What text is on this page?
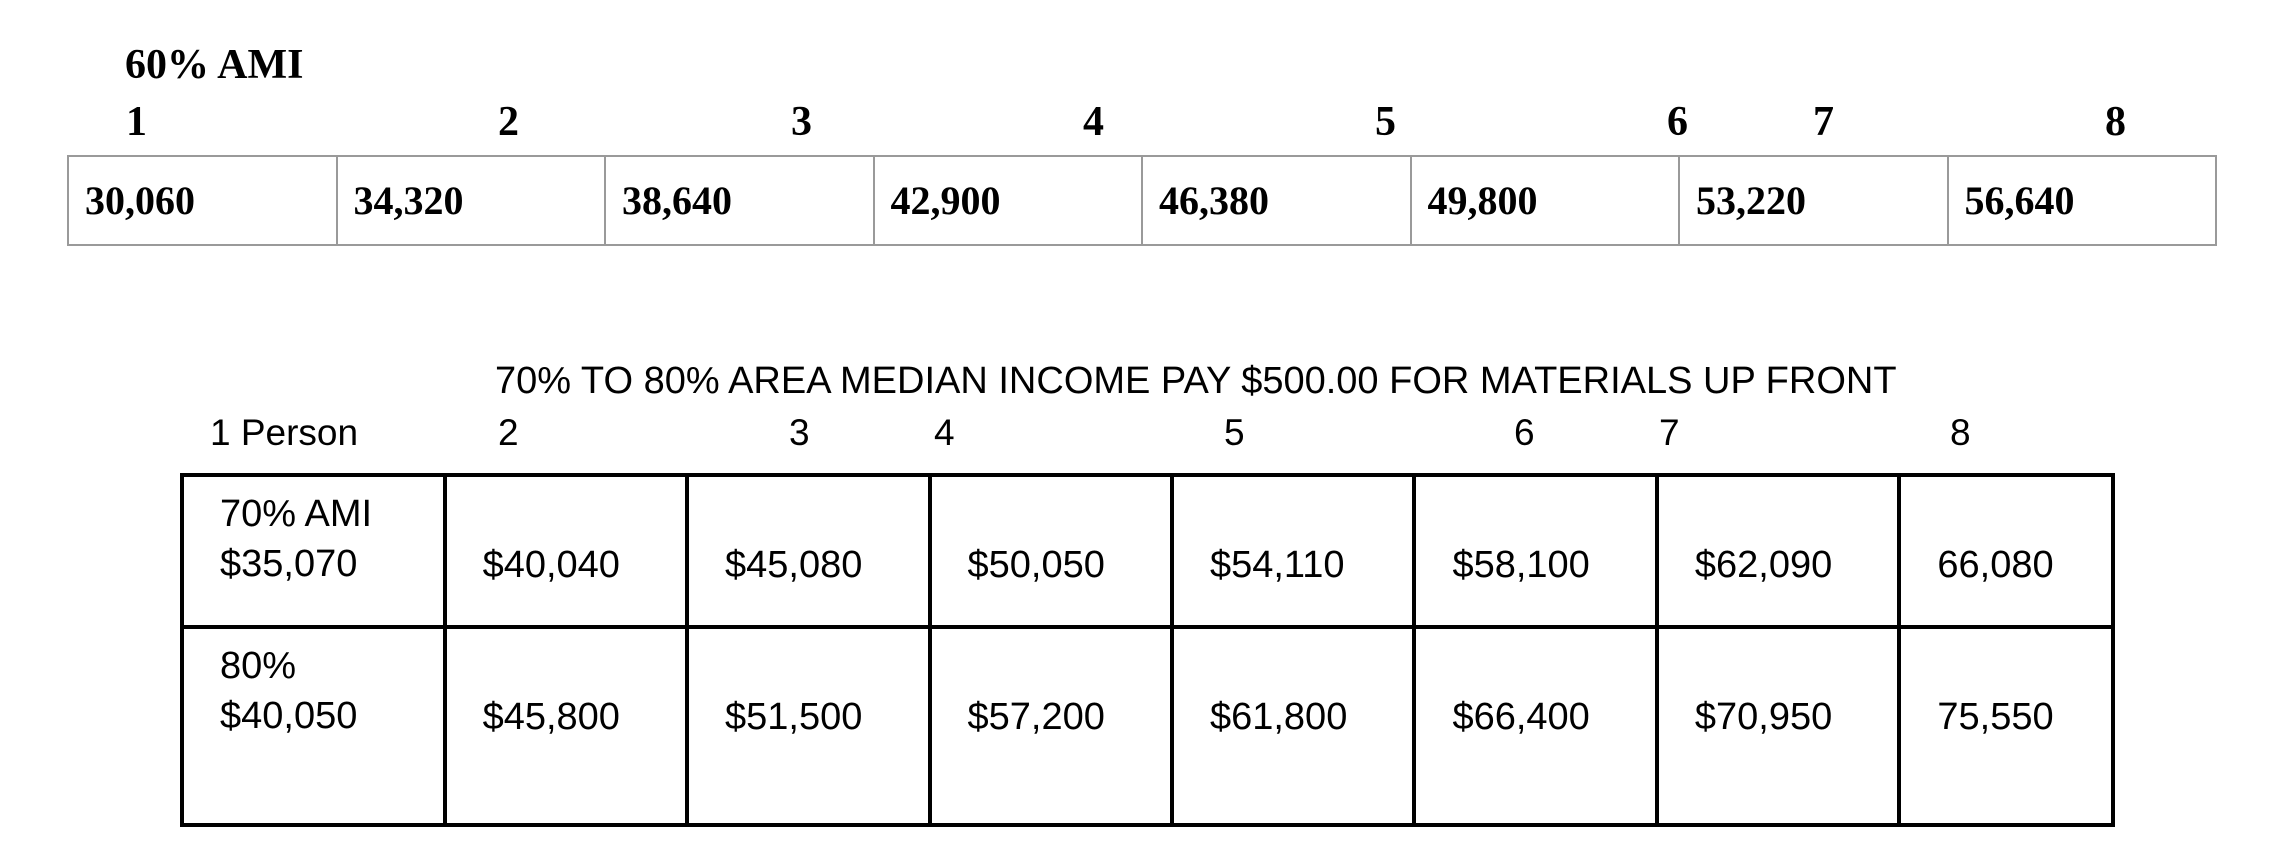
60% AMI
1	2	3	4	5	6	7	8
30,060	34,320	38,640	42,900	46,380	49,800	53,220	56,640
70% TO 80% AREA MEDIAN INCOME PAY $500.00 FOR MATERIALS UP FRONT
1 Person	2	3	4	5	6	7	8
70% AMI
$35,070	$40,040	$45,080	$50,050	$54,110	$58,100	$62,090	66,080

80%
$40,050	$45,800	$51,500	$57,200	$61,800	$66,400	$70,950	75,550
